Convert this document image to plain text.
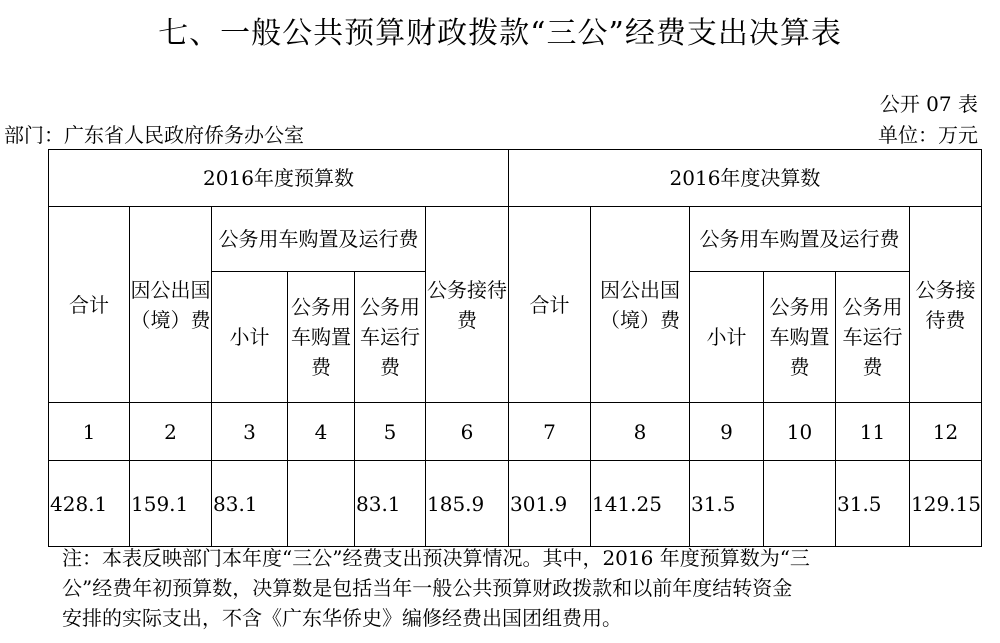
七、一般公共预算财政拨款“三公”经费支出决算表
公开 07 表
部门：广东省人民政府侨务办公室	单位：万元
2016年度预算数						2016年度决算数					
合计	因公出国（境）费	公务用车购置及运行费			公务接待费	合计	因公出国（境）费	公务用车购置及运行费			公务接待费
		小计	公务用车购置费	公务用车运行费				小计	公务用车购置费	公务用车运行费	
1	2	3	4	5	6	7	8	9	10	11	12
428.1	159.1	83.1		83.1	185.9	301.9	141.25	31.5		31.5	129.15
注：本表反映部门本年度“三公”经费支出预决算情况。其中，2016 年度预算数为“三
公”经费年初预算数，决算数是包括当年一般公共预算财政拨款和以前年度结转资金
安排的实际支出，不含《广东华侨史》编修经费出国团组费用。
